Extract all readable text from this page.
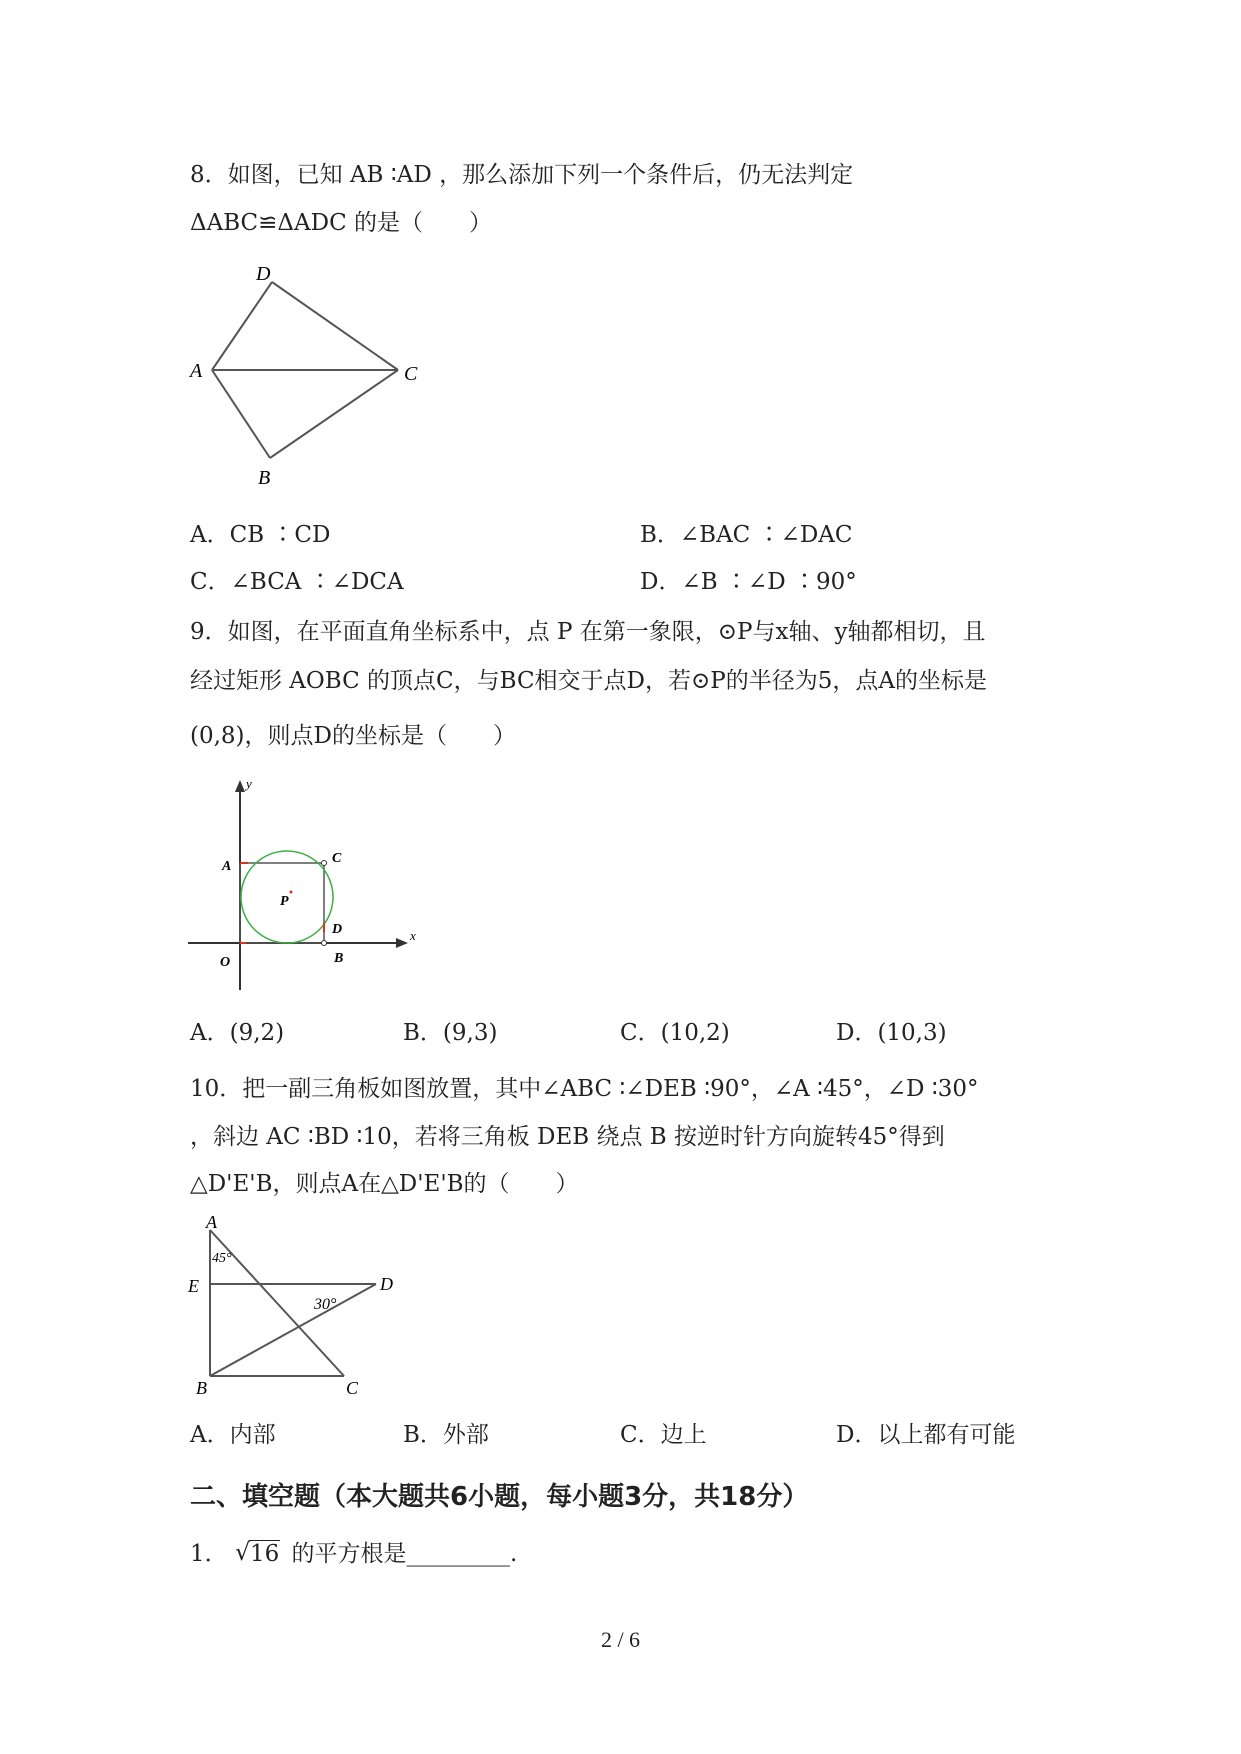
8．如图，已知 AB ∶AD ，那么添加下列一个条件后，仍无法判定
ΔABC≌ΔADC 的是（　　）
D
A	C
B
A．CB ∶CD	B．∠BAC ∶∠DAC
C．∠BCA ∶∠DCA	D．∠B ∶∠D ∶90°
9．如图，在平面直角坐标系中，点 P 在第一象限，⊙P与x轴、y轴都相切，且
经过矩形 AOBC 的顶点C，与BC相交于点D，若⊙P的半径为5，点A的坐标是
(0,8)，则点D的坐标是（　　）
y
A
C
P
D	x
O	B
A．(9,2)	B．(9,3)	C．(10,2)	D．(10,3)
10．把一副三角板如图放置，其中∠ABC ∶∠DEB ∶90°，∠A ∶45°，∠D ∶30°
，斜边 AC ∶BD ∶10，若将三角板 DEB 绕点 B 按逆时针方向旋转45°得到
△D'E'B，则点A在△D'E'B的（　　）
A
45°
E
30°
D
B	C
A．内部	B．外部	C．边上	D．以上都有可能
二、填空题（本大题共6小题，每小题3分，共18分）
1． √ 16 的平方根是_________.
2 / 6
